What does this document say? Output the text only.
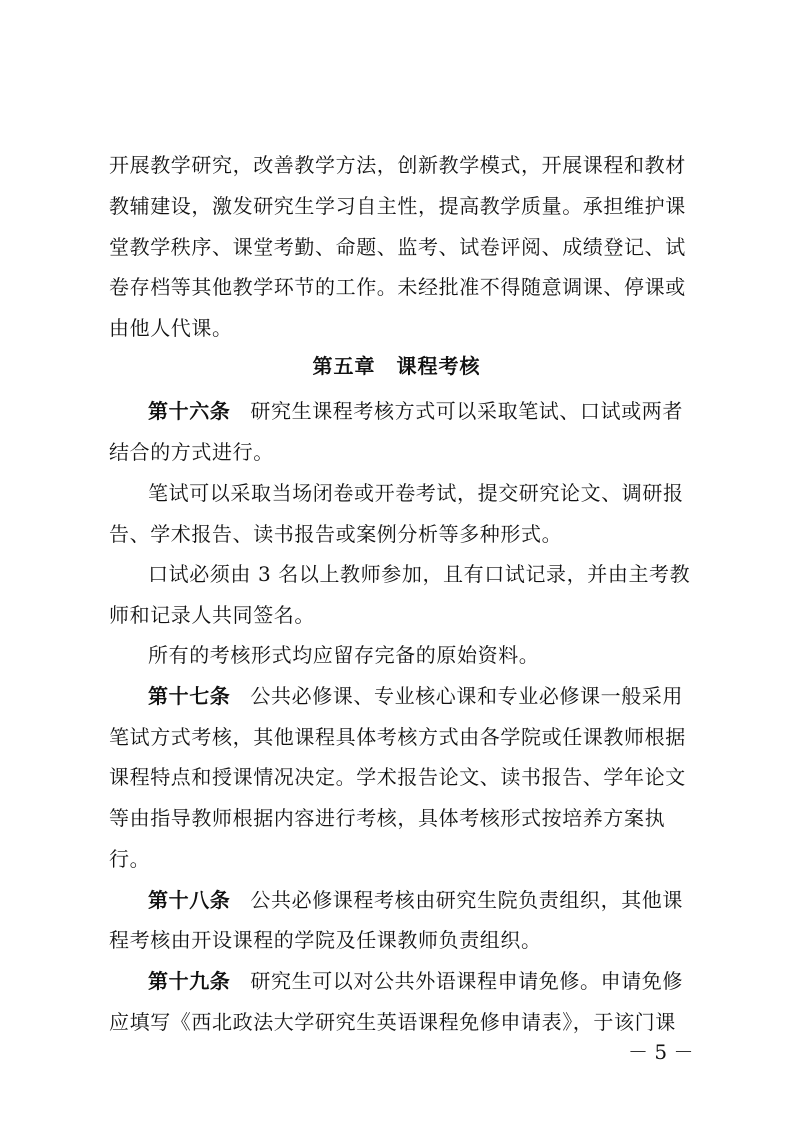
开展教学研究，改善教学方法，创新教学模式，开展课程和教材
教辅建设，激发研究生学习自主性，提高教学质量。承担维护课
堂教学秩序、课堂考勤、命题、监考、试卷评阅、成绩登记、试
卷存档等其他教学环节的工作。未经批准不得随意调课、停课或
由他人代课。
第五章　课程考核
第十六条 研究生课程考核方式可以采取笔试、口试或两者
结合的方式进行。
笔试可以采取当场闭卷或开卷考试，提交研究论文、调研报
告、学术报告、读书报告或案例分析等多种形式。
口试必须由 3 名以上教师参加，且有口试记录，并由主考教
师和记录人共同签名。
所有的考核形式均应留存完备的原始资料。
第十七条 公共必修课、专业核心课和专业必修课一般采用
笔试方式考核，其他课程具体考核方式由各学院或任课教师根据
课程特点和授课情况决定。学术报告论文、读书报告、学年论文
等由指导教师根据内容进行考核，具体考核形式按培养方案执
行。
第十八条 公共必修课程考核由研究生院负责组织，其他课
程考核由开设课程的学院及任课教师负责组织。
第十九条 研究生可以对公共外语课程申请免修。申请免修
应填写《西北政法大学研究生英语课程免修申请表》，于该门课
－ 5 －
